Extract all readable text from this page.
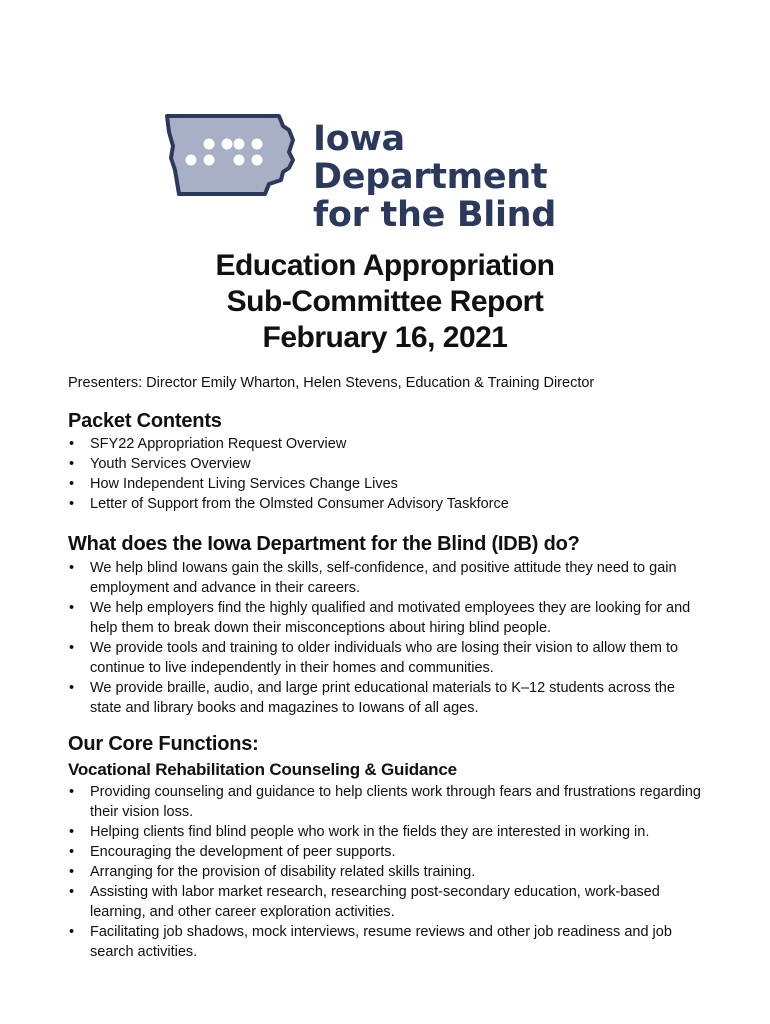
Iowa Department
for the Blind
Education Appropriation
Sub-Committee Report
February 16, 2021
Presenters: Director Emily Wharton, Helen Stevens, Education & Training Director
Packet Contents
• SFY22 Appropriation Request Overview
• Youth Services Overview
• How Independent Living Services Change Lives
• Letter of Support from the Olmsted Consumer Advisory Taskforce
What does the Iowa Department for the Blind (IDB) do?
• We help blind Iowans gain the skills, self-confidence, and positive attitude they need to gain employment and advance in their careers.
• We help employers find the highly qualified and motivated employees they are looking for and help them to break down their misconceptions about hiring blind people.
• We provide tools and training to older individuals who are losing their vision to allow them to continue to live independently in their homes and communities.
• We provide braille, audio, and large print educational materials to K–12 students across the state and library books and magazines to Iowans of all ages.
Our Core Functions:
Vocational Rehabilitation Counseling & Guidance
• Providing counseling and guidance to help clients work through fears and frustrations regarding their vision loss.
• Helping clients find blind people who work in the fields they are interested in working in.
• Encouraging the development of peer supports.
• Arranging for the provision of disability related skills training.
• Assisting with labor market research, researching post-secondary education, work-based learning, and other career exploration activities.
• Facilitating job shadows, mock interviews, resume reviews and other job readiness and job search activities.
